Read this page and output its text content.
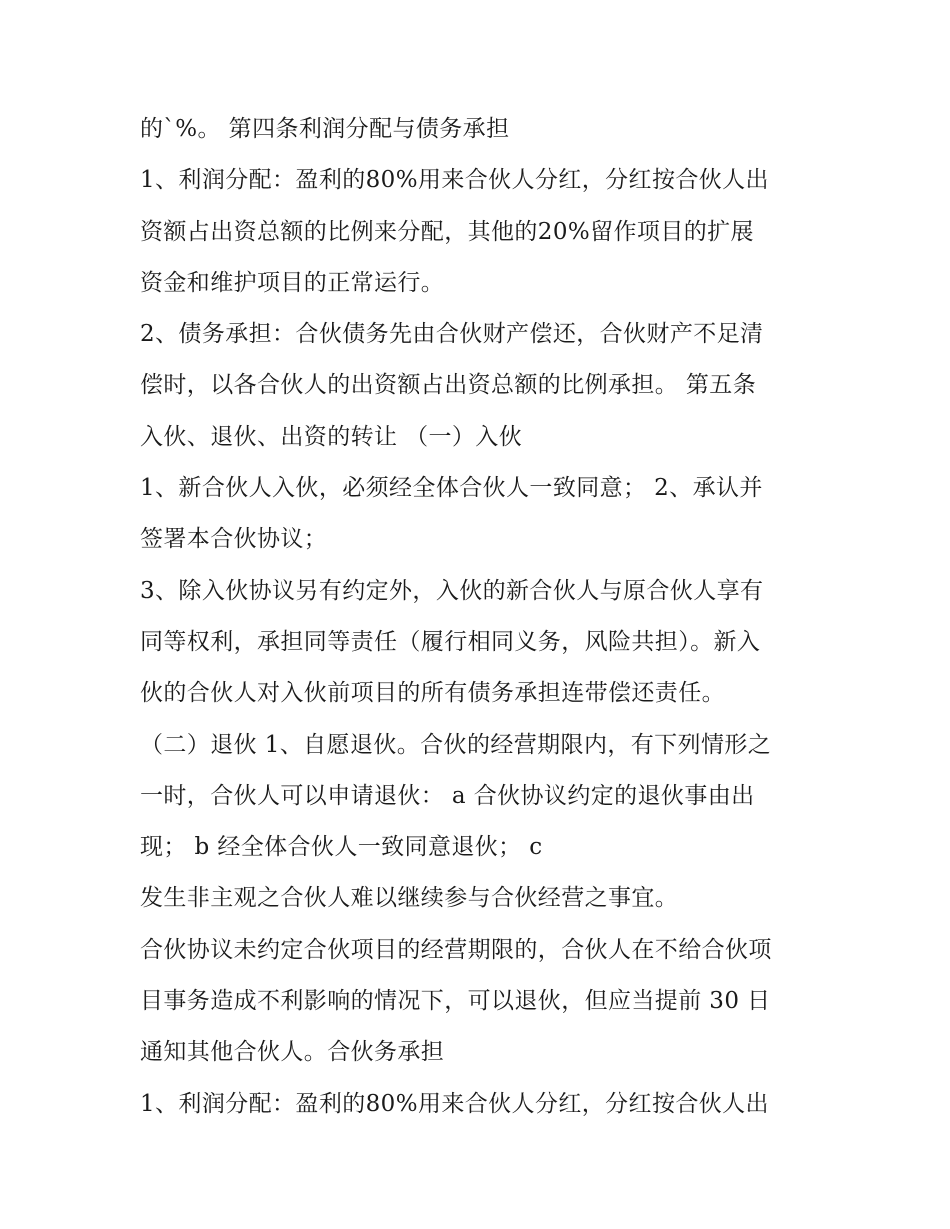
的`%。 第四条利润分配与债务承担
1、利润分配：盈利的80%用来合伙人分红，分红按合伙人出
资额占出资总额的比例来分配，其他的20%留作项目的扩展
资金和维护项目的正常运行。
2、债务承担：合伙债务先由合伙财产偿还，合伙财产不足清
偿时，以各合伙人的出资额占出资总额的比例承担。 第五条
入伙、退伙、出资的转让 （一）入伙
1、新合伙人入伙，必须经全体合伙人一致同意； 2、承认并
签署本合伙协议；
3、除入伙协议另有约定外，入伙的新合伙人与原合伙人享有
同等权利，承担同等责任（履行相同义务，风险共担）。新入
伙的合伙人对入伙前项目的所有债务承担连带偿还责任。
（二）退伙 1、自愿退伙。合伙的经营期限内，有下列情形之
一时，合伙人可以申请退伙： a 合伙协议约定的退伙事由出
现； b 经全体合伙人一致同意退伙； c
发生非主观之合伙人难以继续参与合伙经营之事宜。
合伙协议未约定合伙项目的经营期限的，合伙人在不给合伙项
目事务造成不利影响的情况下，可以退伙，但应当提前 30 日
通知其他合伙人。合伙务承担
1、利润分配：盈利的80%用来合伙人分红，分红按合伙人出
